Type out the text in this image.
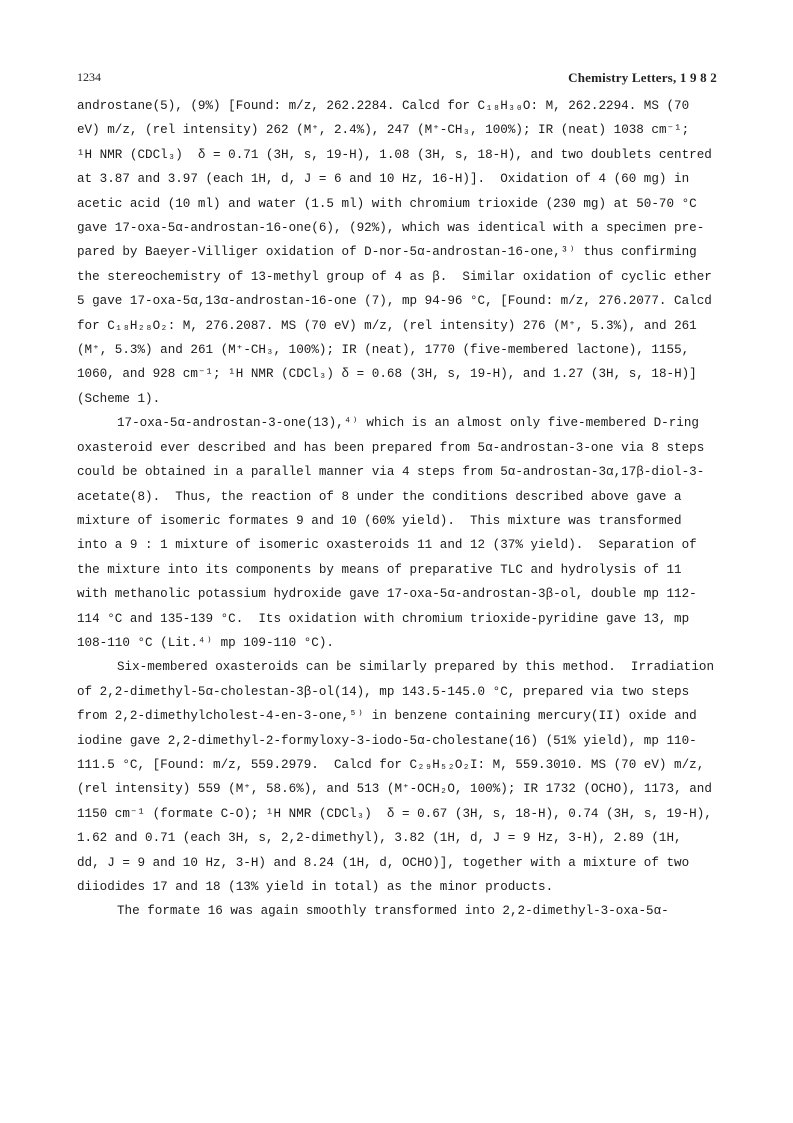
1234	Chemistry Letters, 1 9 8 2
androstane(5), (9%) [Found: m/z, 262.2284. Calcd for C₁₈H₃₀O: M, 262.2294. MS (70
eV) m/z, (rel intensity) 262 (M⁺, 2.4%), 247 (M⁺-CH₃, 100%); IR (neat) 1038 cm⁻¹;
¹H NMR (CDCl₃)  δ = 0.71 (3H, s, 19-H), 1.08 (3H, s, 18-H), and two doublets centred
at 3.87 and 3.97 (each 1H, d, J = 6 and 10 Hz, 16-H)].  Oxidation of 4 (60 mg) in
acetic acid (10 ml) and water (1.5 ml) with chromium trioxide (230 mg) at 50-70 °C
gave 17-oxa-5α-androstan-16-one(6), (92%), which was identical with a specimen pre-
pared by Baeyer-Villiger oxidation of D-nor-5α-androstan-16-one,³⁾ thus confirming
the stereochemistry of 13-methyl group of 4 as β.  Similar oxidation of cyclic ether
5 gave 17-oxa-5α,13α-androstan-16-one (7), mp 94-96 °C, [Found: m/z, 276.2077. Calcd
for C₁₈H₂₈O₂: M, 276.2087. MS (70 eV) m/z, (rel intensity) 276 (M⁺, 5.3%), and 261
(M⁺, 5.3%) and 261 (M⁺-CH₃, 100%); IR (neat), 1770 (five-membered lactone), 1155,
1060, and 928 cm⁻¹; ¹H NMR (CDCl₃) δ = 0.68 (3H, s, 19-H), and 1.27 (3H, s, 18-H)]
(Scheme 1).
17-oxa-5α-androstan-3-one(13),⁴⁾ which is an almost only five-membered D-ring
oxasteroid ever described and has been prepared from 5α-androstan-3-one via 8 steps
could be obtained in a parallel manner via 4 steps from 5α-androstan-3α,17β-diol-3-
acetate(8).  Thus, the reaction of 8 under the conditions described above gave a
mixture of isomeric formates 9 and 10 (60% yield).  This mixture was transformed
into a 9 : 1 mixture of isomeric oxasteroids 11 and 12 (37% yield).  Separation of
the mixture into its components by means of preparative TLC and hydrolysis of 11
with methanolic potassium hydroxide gave 17-oxa-5α-androstan-3β-ol, double mp 112-
114 °C and 135-139 °C.  Its oxidation with chromium trioxide-pyridine gave 13, mp
108-110 °C (Lit.⁴⁾ mp 109-110 °C).
Six-membered oxasteroids can be similarly prepared by this method.  Irradiation
of 2,2-dimethyl-5α-cholestan-3β-ol(14), mp 143.5-145.0 °C, prepared via two steps
from 2,2-dimethylcholest-4-en-3-one,⁵⁾ in benzene containing mercury(II) oxide and
iodine gave 2,2-dimethyl-2-formyloxy-3-iodo-5α-cholestane(16) (51% yield), mp 110-
111.5 °C, [Found: m/z, 559.2979.  Calcd for C₂₉H₅₂O₂I: M, 559.3010. MS (70 eV) m/z,
(rel intensity) 559 (M⁺, 58.6%), and 513 (M⁺-OCH₂O, 100%); IR 1732 (OCHO), 1173, and
1150 cm⁻¹ (formate C-O); ¹H NMR (CDCl₃)  δ = 0.67 (3H, s, 18-H), 0.74 (3H, s, 19-H),
1.62 and 0.71 (each 3H, s, 2,2-dimethyl), 3.82 (1H, d, J = 9 Hz, 3-H), 2.89 (1H,
dd, J = 9 and 10 Hz, 3-H) and 8.24 (1H, d, OCHO)], together with a mixture of two
diiodides 17 and 18 (13% yield in total) as the minor products.
The formate 16 was again smoothly transformed into 2,2-dimethyl-3-oxa-5α-
